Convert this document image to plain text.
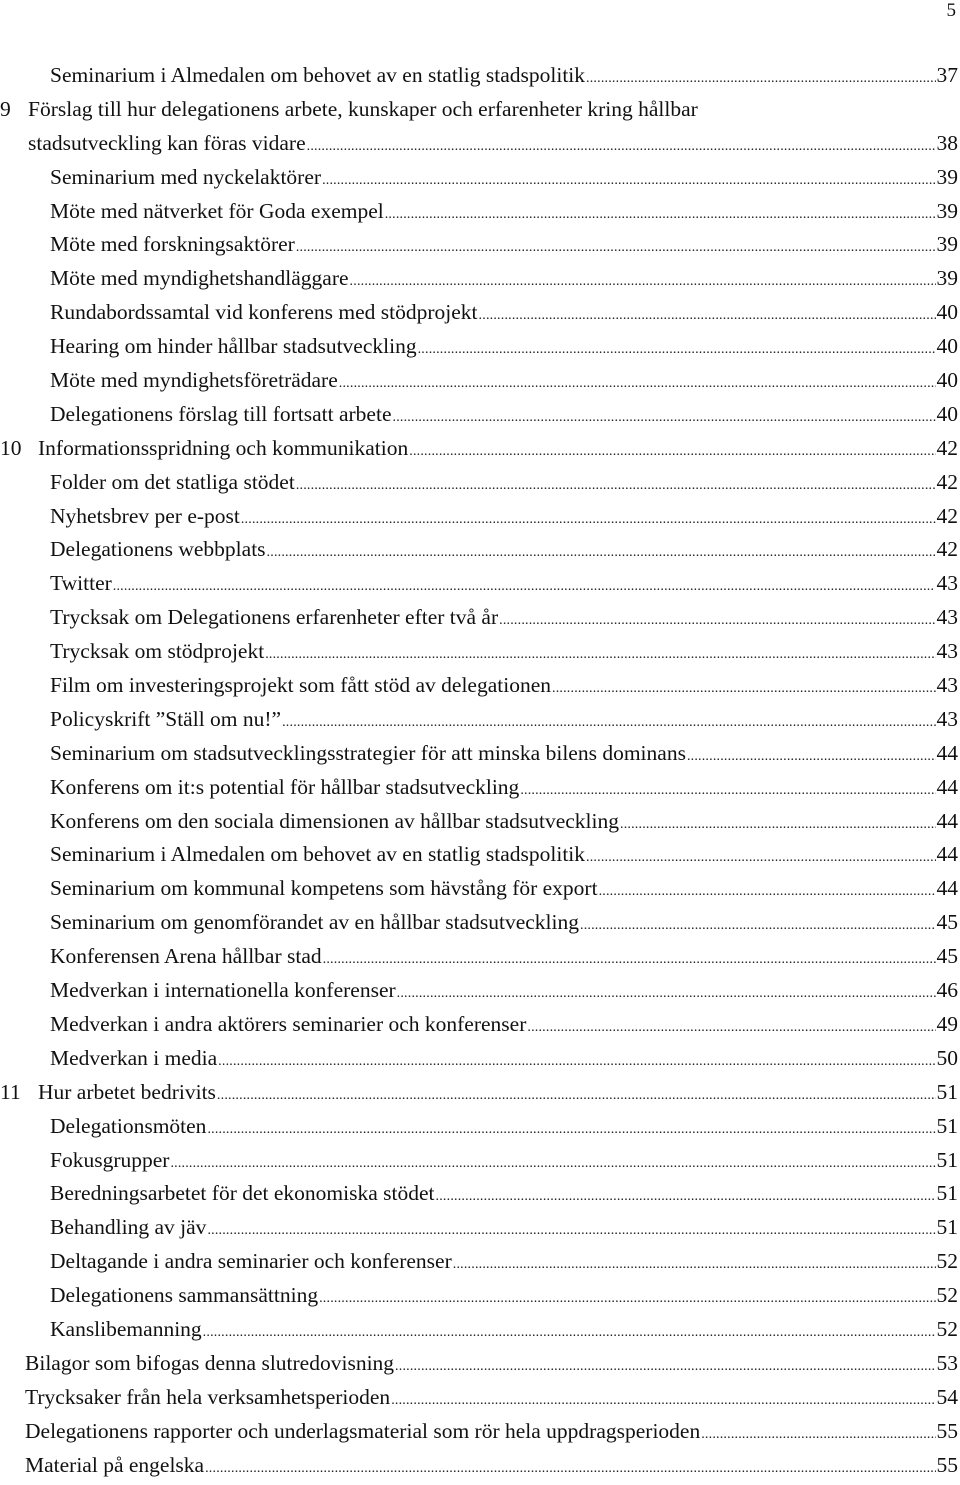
5
Seminarium i Almedalen om behovet av en statlig stadspolitik .....	37
9 Förslag till hur delegationens arbete, kunskaper och erfarenheter kring hållbar
stadsutveckling kan föras vidare .....	38
Seminarium med nyckelaktörer .....	39
Möte med nätverket för Goda exempel .....	39
Möte med forskningsaktörer .....	39
Möte med myndighetshandläggare .....	39
Rundabordssamtal vid konferens med stödprojekt .....	40
Hearing om hinder hållbar stadsutveckling .....	40
Möte med myndighetsföreträdare .....	40
Delegationens förslag till fortsatt arbete .....	40
10 Informationsspridning och kommunikation .....	42
Folder om det statliga stödet .....	42
Nyhetsbrev per e-post .....	42
Delegationens webbplats .....	42
Twitter .....	43
Trycksak om Delegationens erfarenheter efter två år .....	43
Trycksak om stödprojekt .....	43
Film om investeringsprojekt som fått stöd av delegationen .....	43
Policyskrift ”Ställ om nu!” .....	43
Seminarium om stadsutvecklingsstrategier för att minska bilens dominans .....	44
Konferens om it:s potential för hållbar stadsutveckling .....	44
Konferens om den sociala dimensionen av hållbar stadsutveckling .....	44
Seminarium i Almedalen om behovet av en statlig stadspolitik .....	44
Seminarium om kommunal kompetens som hävstång för export .....	44
Seminarium om genomförandet av en hållbar stadsutveckling .....	45
Konferensen Arena hållbar stad .....	45
Medverkan i internationella konferenser .....	46
Medverkan i andra aktörers seminarier och konferenser .....	49
Medverkan i media .....	50
11 Hur arbetet bedrivits .....	51
Delegationsmöten .....	51
Fokusgrupper .....	51
Beredningsarbetet för det ekonomiska stödet .....	51
Behandling av jäv .....	51
Deltagande i andra seminarier och konferenser .....	52
Delegationens sammansättning .....	52
Kanslibemanning .....	52
Bilagor som bifogas denna slutredovisning .....	53
Trycksaker från hela verksamhetsperioden .....	54
Delegationens rapporter och underlagsmaterial som rör hela uppdragsperioden .....	55
Material på engelska .....	55
